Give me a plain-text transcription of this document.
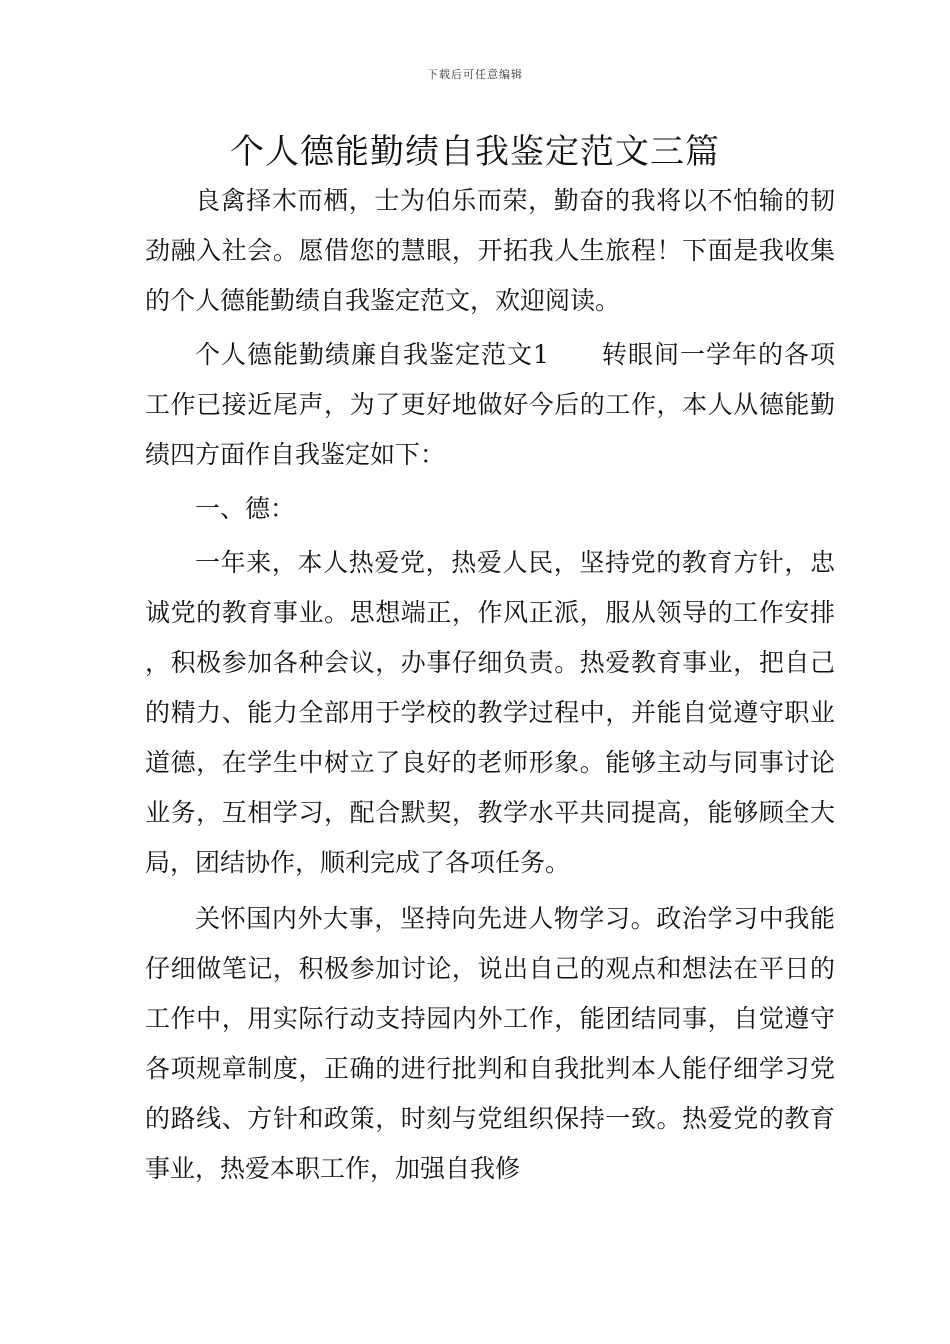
下载后可任意编辑
个人德能勤绩自我鉴定范文三篇

良禽择木而栖，士为伯乐而荣，勤奋的我将以不怕输的韧劲融入社会。愿借您的慧眼，开拓我人生旅程！下面是我收集的个人德能勤绩自我鉴定范文，欢迎阅读。

个人德能勤绩廉自我鉴定范文1　　转眼间一学年的各项工作已接近尾声，为了更好地做好今后的工作，本人从德能勤绩四方面作自我鉴定如下：

一、德：

一年来，本人热爱党，热爱人民，坚持党的教育方针，忠诚党的教育事业。思想端正，作风正派，服从领导的工作安排，积极参加各种会议，办事仔细负责。热爱教育事业，把自己的精力、能力全部用于学校的教学过程中，并能自觉遵守职业道德，在学生中树立了良好的老师形象。能够主动与同事讨论业务，互相学习，配合默契，教学水平共同提高，能够顾全大局，团结协作，顺利完成了各项任务。

关怀国内外大事，坚持向先进人物学习。政治学习中我能仔细做笔记，积极参加讨论，说出自己的观点和想法在平日的工作中，用实际行动支持园内外工作，能团结同事，自觉遵守各项规章制度，正确的进行批判和自我批判本人能仔细学习党的路线、方针和政策，时刻与党组织保持一致。热爱党的教育事业，热爱本职工作，加强自我修
